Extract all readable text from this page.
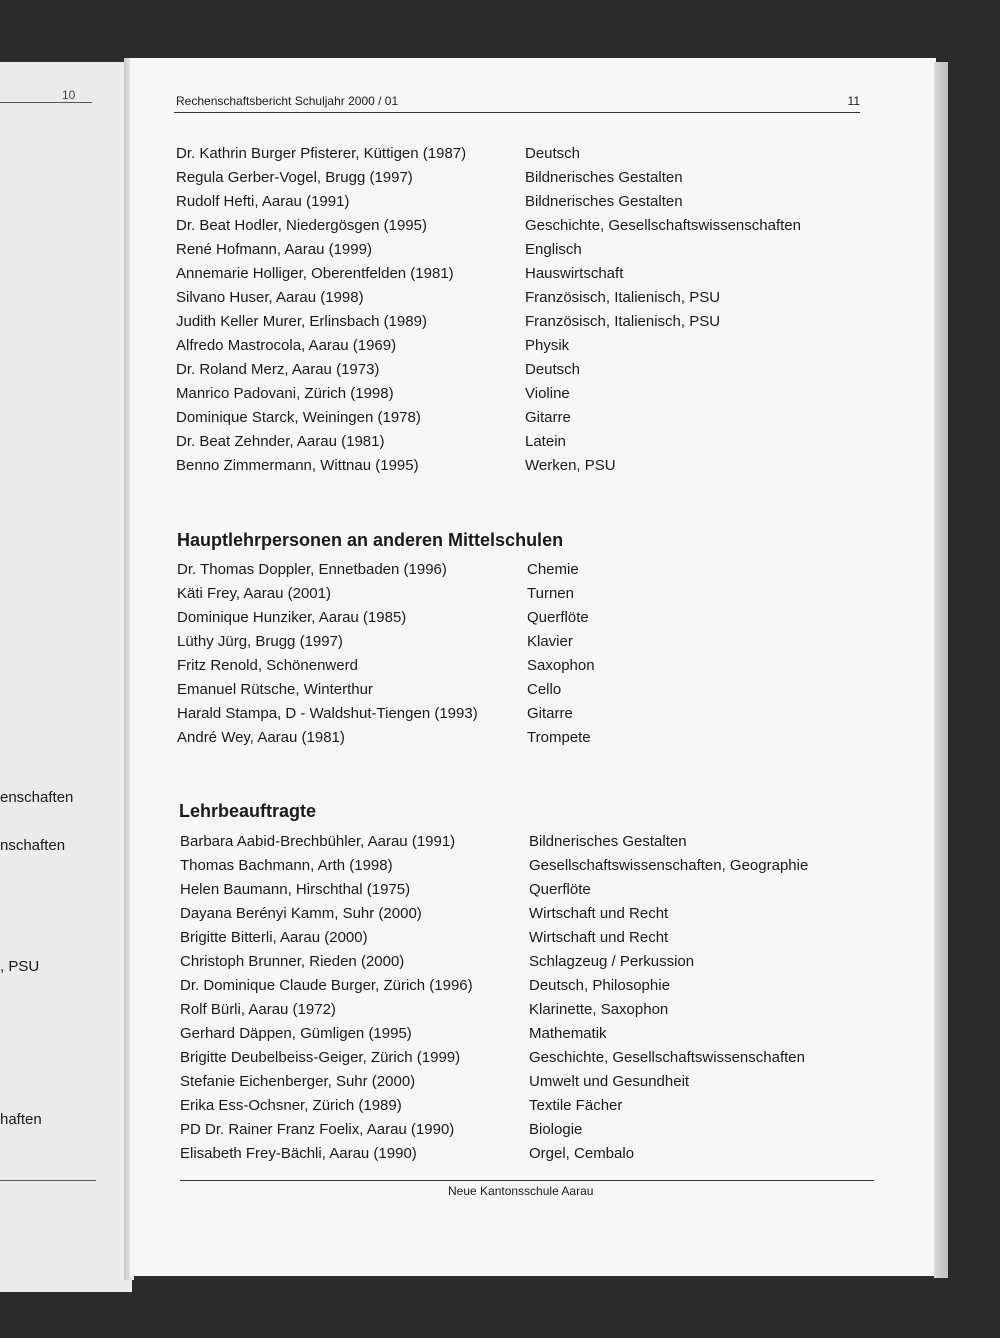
10
enschaften
nschaften
, PSU
haften
Rechenschaftsbericht Schuljahr 2000 / 01	11
Dr. Kathrin Burger Pfisterer, Küttigen (1987)	Deutsch
Regula Gerber-Vogel, Brugg (1997)	Bildnerisches Gestalten
Rudolf Hefti, Aarau (1991)	Bildnerisches Gestalten
Dr. Beat Hodler, Niedergösgen (1995)	Geschichte, Gesellschaftswissenschaften
René Hofmann, Aarau (1999)	Englisch
Annemarie Holliger, Oberentfelden (1981)	Hauswirtschaft
Silvano Huser, Aarau (1998)	Französisch, Italienisch, PSU
Judith Keller Murer, Erlinsbach (1989)	Französisch, Italienisch, PSU
Alfredo Mastrocola, Aarau (1969)	Physik
Dr. Roland Merz, Aarau (1973)	Deutsch
Manrico Padovani, Zürich (1998)	Violine
Dominique Starck, Weiningen (1978)	Gitarre
Dr. Beat Zehnder, Aarau (1981)	Latein
Benno Zimmermann, Wittnau (1995)	Werken, PSU
Hauptlehrpersonen an anderen Mittelschulen
Dr. Thomas Doppler, Ennetbaden (1996)	Chemie
Käti Frey, Aarau (2001)	Turnen
Dominique Hunziker, Aarau (1985)	Querflöte
Lüthy Jürg, Brugg (1997)	Klavier
Fritz Renold, Schönenwerd	Saxophon
Emanuel Rütsche, Winterthur	Cello
Harald Stampa, D - Waldshut-Tiengen (1993)	Gitarre
André Wey, Aarau (1981)	Trompete
Lehrbeauftragte
Barbara Aabid-Brechbühler, Aarau (1991)	Bildnerisches Gestalten
Thomas Bachmann, Arth (1998)	Gesellschaftswissenschaften, Geographie
Helen Baumann, Hirschthal (1975)	Querflöte
Dayana Berényi Kamm, Suhr (2000)	Wirtschaft und Recht
Brigitte Bitterli, Aarau (2000)	Wirtschaft und Recht
Christoph Brunner, Rieden (2000)	Schlagzeug / Perkussion
Dr. Dominique Claude Burger, Zürich (1996)	Deutsch, Philosophie
Rolf Bürli, Aarau (1972)	Klarinette, Saxophon
Gerhard Däppen, Gümligen (1995)	Mathematik
Brigitte Deubelbeiss-Geiger, Zürich (1999)	Geschichte, Gesellschaftswissenschaften
Stefanie Eichenberger, Suhr (2000)	Umwelt und Gesundheit
Erika Ess-Ochsner, Zürich (1989)	Textile Fächer
PD Dr. Rainer Franz Foelix, Aarau (1990)	Biologie
Elisabeth Frey-Bächli, Aarau (1990)	Orgel, Cembalo
Neue Kantonsschule Aarau
